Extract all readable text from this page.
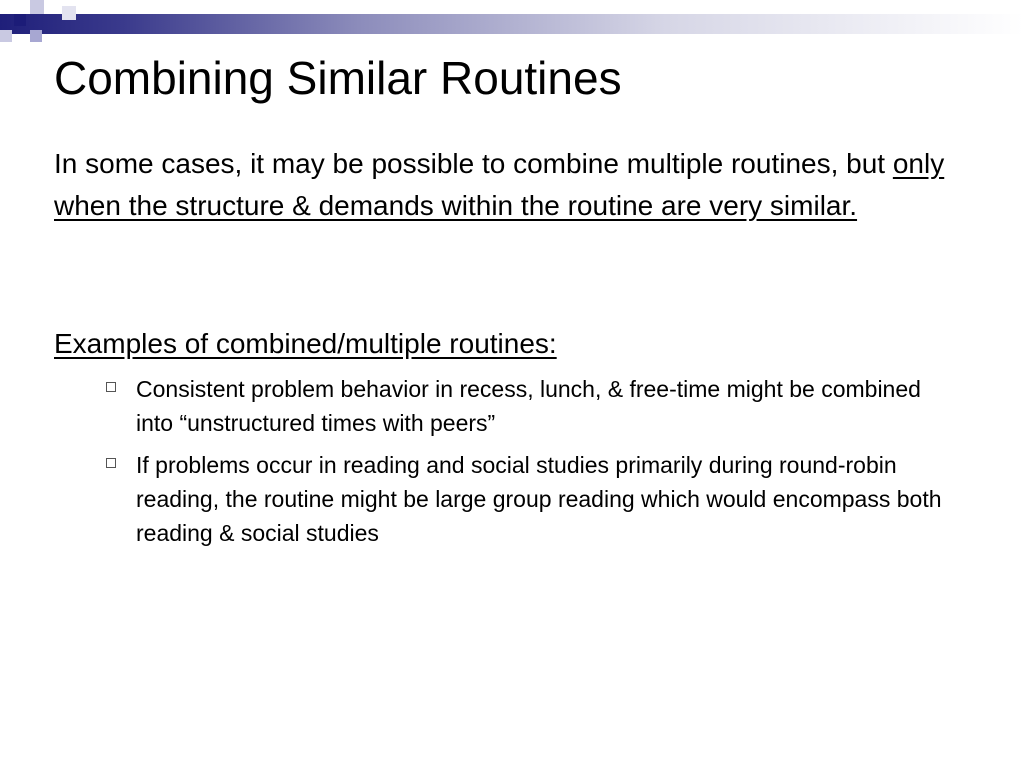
Combining Similar Routines

In some cases, it may be possible to combine multiple routines, but only when the structure & demands within the routine are very similar.

Examples of combined/multiple routines:

Consistent problem behavior in recess, lunch, & free-time might be combined into “unstructured times with peers”
If problems occur in reading and social studies primarily during round-robin reading, the routine might be large group reading which would encompass both reading & social studies
